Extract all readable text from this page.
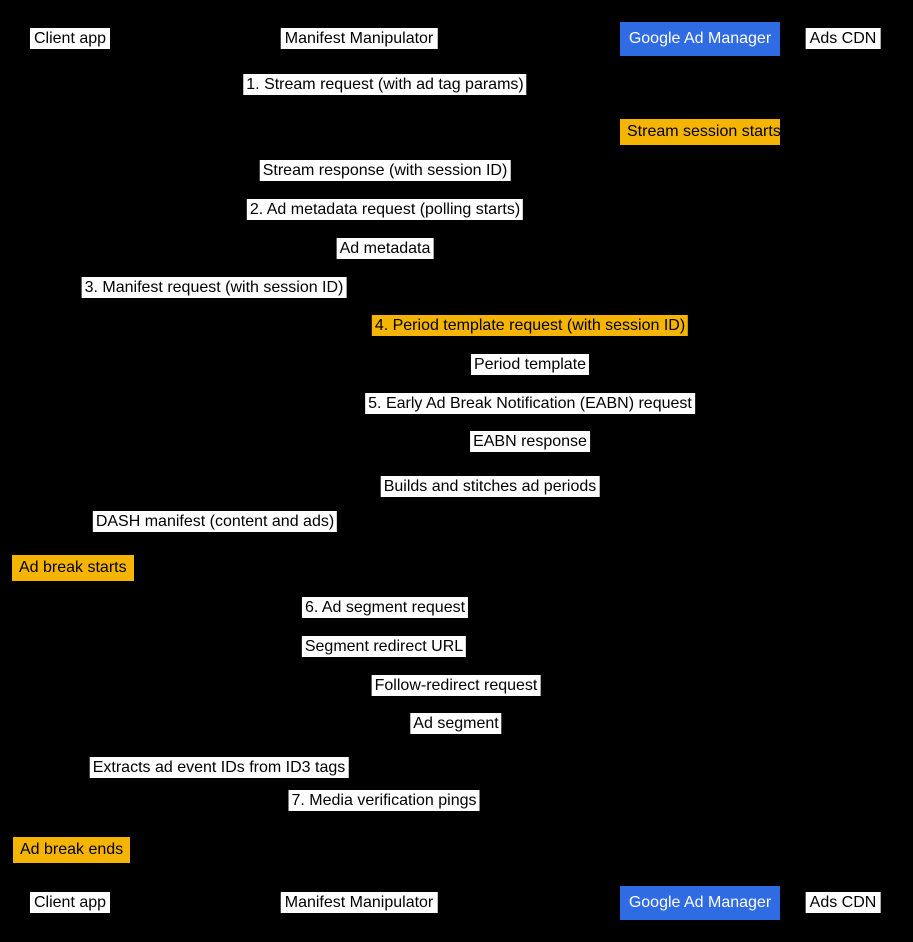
Client app	Manifest Manipulator	Google Ad Manager	Ads CDN
1. Stream request (with ad tag params)
Stream session starts
Stream response (with session ID)
2. Ad metadata request (polling starts)
Ad metadata
3. Manifest request (with session ID)
4. Period template request (with session ID)
Period template
5. Early Ad Break Notification (EABN) request
EABN response
Builds and stitches ad periods
DASH manifest (content and ads)
Ad break starts
6. Ad segment request
Segment redirect URL
Follow-redirect request
Ad segment
Extracts ad event IDs from ID3 tags
7. Media verification pings
Ad break ends
Client app	Manifest Manipulator	Google Ad Manager	Ads CDN
